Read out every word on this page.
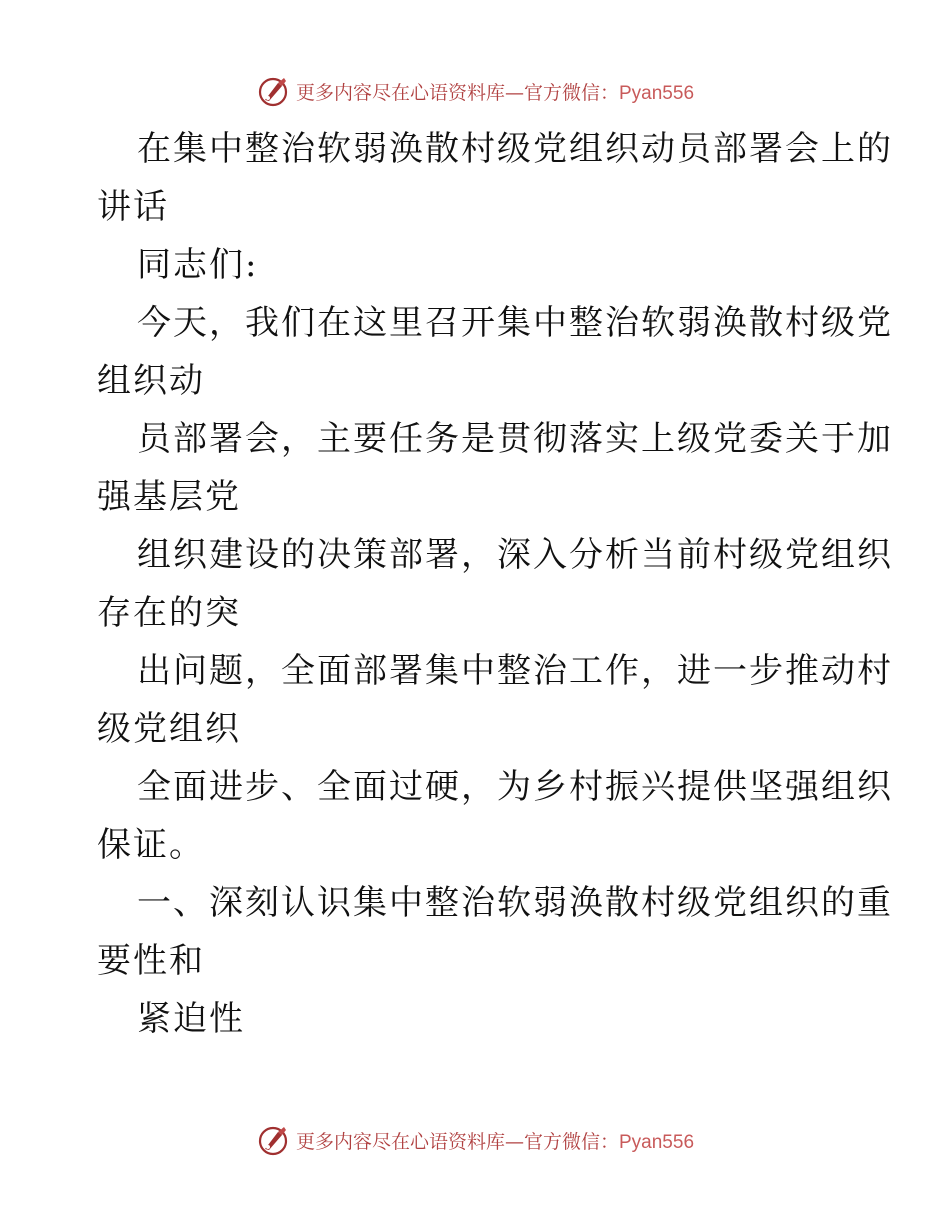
更多内容尽在心语资料库—官方微信：Pyan556
在集中整治软弱涣散村级党组织动员部署会上的
讲话
同志们:
今天，我们在这里召开集中整治软弱涣散村级党
组织动
员部署会，主要任务是贯彻落实上级党委关于加
强基层党
组织建设的决策部署，深入分析当前村级党组织
存在的突
出问题，全面部署集中整治工作，进一步推动村
级党组织
全面进步、全面过硬，为乡村振兴提供坚强组织
保证。
一、深刻认识集中整治软弱涣散村级党组织的重
要性和
紧迫性
更多内容尽在心语资料库—官方微信：Pyan556
